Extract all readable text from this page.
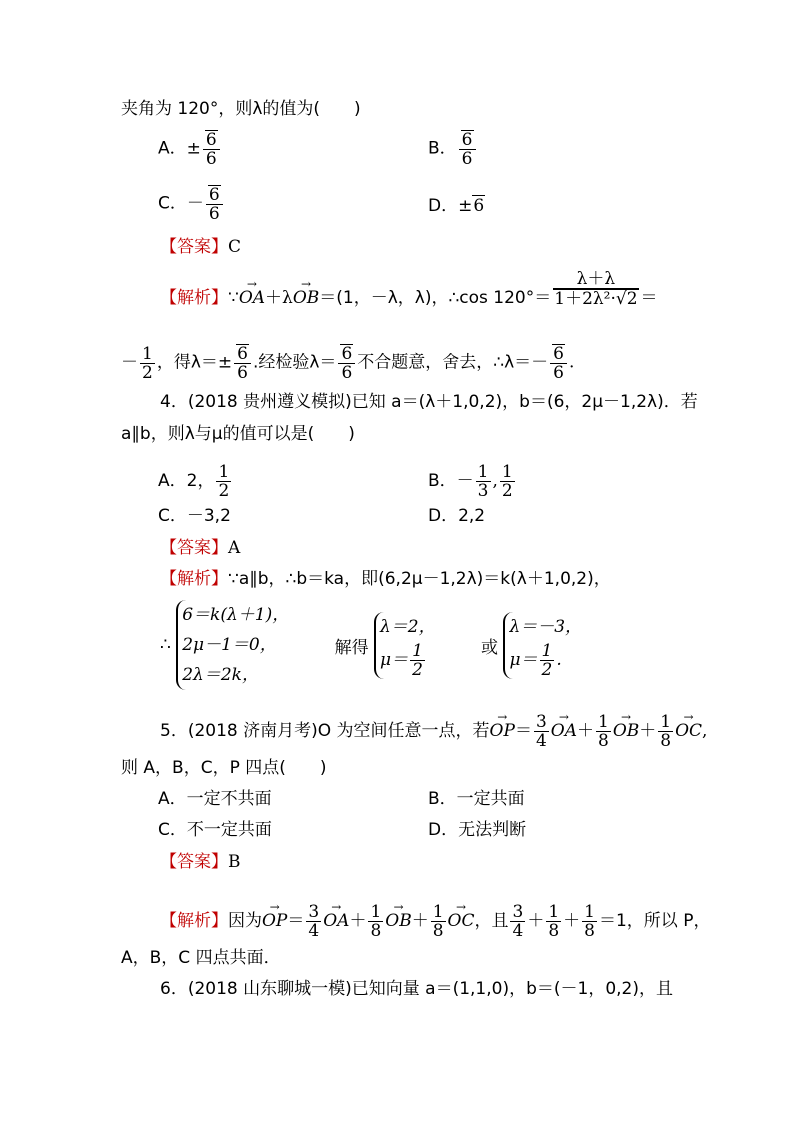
夹角为 120°，则λ的值为(　　)
A．± $\frac{6}{6}$	B． $\frac{6}{6}$
C．－ $\frac{6}{6}$	D．±6
【答案】C
【解析】∵→ OA＋λ→ OB＝(1，－λ，λ)，∴cos $120^\circ= \frac{\lambda+\lambda}{\text{1＋2λ²·√2}}$ ＝
－ $\frac{1}{2}$ ，得$\lambda=\pm \frac{6}{6}$ .经检验$\lambda= \frac{6}{6}$ 不合题意，舍去，∴λ＝－ $\frac{6}{6}$ .
4．(2018 贵州遵义模拟)已知 a＝(λ＋1,0,2)，b＝(6，2μ－1,2λ)．若
a∥b，则λ与μ的值可以是(　　)
A．2， $\frac{1}{2}$	B．－ $\frac{1}{3}$ , $\frac{1}{2}$
C．－3,2	D．2,2
【答案】A
【解析】∵a∥b，∴b＝ka，即(6,2μ－1,2λ)＝k(λ＋1,0,2)，
∴
6＝k(λ＋1)，
2μ－1＝0，
2λ＝2k，
解得
λ＝2，
$\mu= \frac{1}{2}$	或
λ＝－3，
$\mu= \frac{1}{2}$ .
5．(2018 济南月考)O 为空间任意一点，若→ $OP= \frac{3}{4}$
→ $OA+ \frac{1}{8}$
→ $OB+ \frac{1}{8}$
→ OC,
则 A，B，C，P 四点(　　)
A．一定不共面	B．一定共面
C．不一定共面	D．无法判断
【答案】B
【解析】因为→ $OP= \frac{3}{4}$
→ $OA+ \frac{1}{8}$
→ $OB+ \frac{1}{8}$
→ OC，且 $\frac{3}{4} + \frac{1}{8} + \frac{1}{8} =1$，所以 P，
A，B，C 四点共面．
6．(2018 山东聊城一模)已知向量 a＝(1,1,0)，b＝(－1，0,2)，且
